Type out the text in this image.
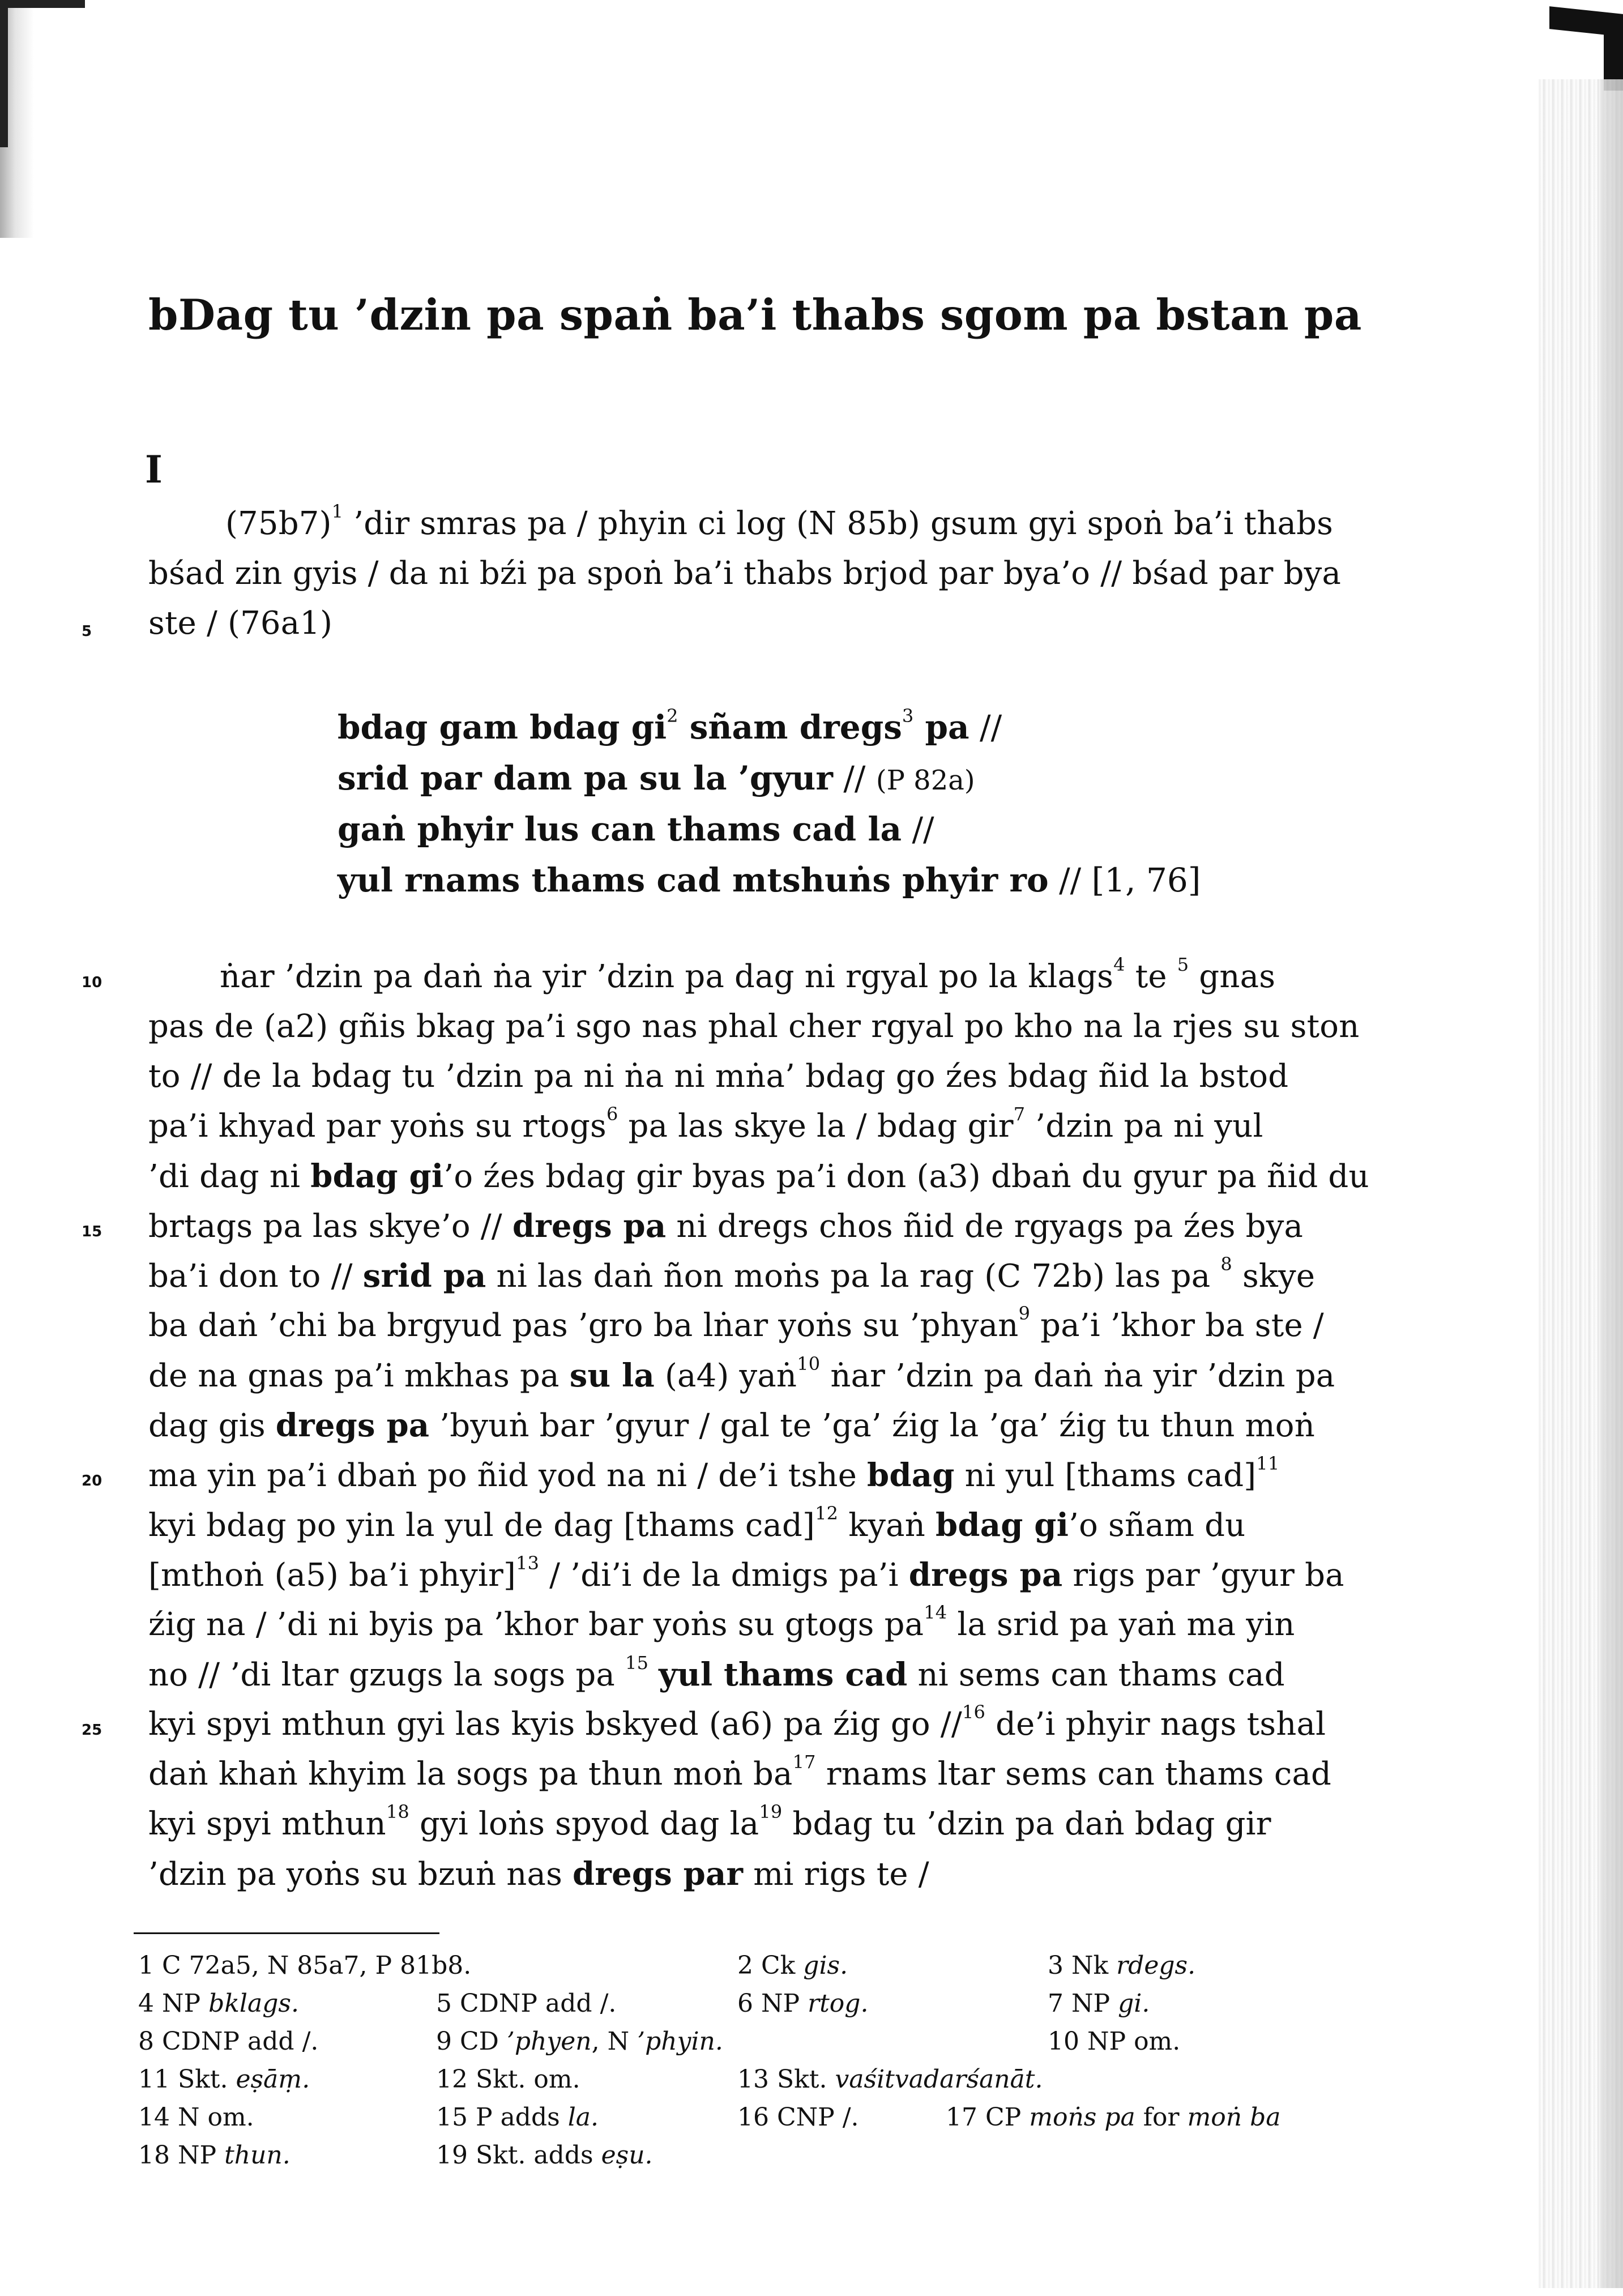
bDag tu ’dzin pa spaṅ ba’i thabs sgom pa bstan pa
I
$(75b7)^1$ ’dir smras pa / phyin ci log (N 85b) gsum gyi spoṅ ba’i thabs
bśad zin gyis / da ni bźi pa spoṅ ba’i thabs brjod par bya’o // bśad par bya
ste / (76a1)
5
bdag gam bdag $gi^2$ sñam dregs$^3$ pa //
srid par dam pa su la ’gyur // (P 82a)
gaṅ phyir lus can thams cad la //
yul rnams thams cad mtshuṅs phyir ro // [1, 76]
10	ṅar ’dzin pa daṅ ṅa yir ’dzin pa dag ni rgyal po la klags$^4$ te $^5$ gnas
pas de (a2) gñis bkag pa’i sgo nas phal cher rgyal po kho na la rjes su ston
to // de la bdag tu ’dzin pa ni ṅa ni mṅa’ bdag go źes bdag ñid la bstod
pa’i khyad par yoṅs su rtogs$^6$ pa las skye la / bdag gir$^7$ ’dzin pa ni yul
’di dag ni bdag gi’o źes bdag gir byas pa’i don (a3) dbaṅ du gyur pa ñid du
15 brtags pa las skye’o // dregs pa ni dregs chos ñid de rgyags pa źes bya
ba’i don to // srid pa ni las daṅ ñon moṅs pa la rag (C 72b) las pa $^8$ skye
ba daṅ ’chi ba brgyud pas ’gro ba lṅar yoṅs su ’phyan$^9$ pa’i ’khor ba ste /
de na gnas pa’i mkhas pa su la (a4) yaṅ$^{10}$ ṅar ’dzin pa daṅ ṅa yir ’dzin pa
dag gis dregs pa ’byuṅ bar ’gyur / gal te ’ga’ źig la ’ga’ źig tu thun moṅ
20 ma yin pa’i dbaṅ po ñid yod na ni / de’i tshe bdag ni yul [thams cad]$^{11}$
kyi bdag po yin la yul de dag [thams cad]$^{12}$ kyaṅ bdag gi’o sñam du
[mthoṅ (a5) ba’i phyir]$^{13}$ / ’di’i de la dmigs pa’i dregs pa rigs par ’gyur ba
źig na / ’di ni byis pa ’khor bar yoṅs su gtogs $pa^{14}$ la srid pa yaṅ ma yin
no // ’di ltar gzugs la sogs pa $^{15}$ yul thams cad ni sems can thams cad
25 kyi spyi mthun gyi las kyis bskyed (a6) pa źig go //$^{16}$ de’i phyir nags tshal
daṅ khaṅ khyim la sogs pa thun moṅ $ba^{17}$ rnams ltar sems can thams cad
kyi spyi mthun$^{18}$ gyi loṅs spyod dag $la^{19}$ bdag tu ’dzin pa daṅ bdag gir
’dzin pa yoṅs su bzuṅ nas dregs par mi rigs te /
1 C 72a5, N 85a7, P 81b8.	2 Ck gis.	3 Nk rdegs.
4 NP bklags.	5 CDNP add /.	6 NP rtog.	7 NP gi.
8 CDNP add /.	9 CD ’phyen, N ’phyin.	10 NP om.
11 Skt. eṣāṃ.	12 Skt. om.	13 Skt. vaśitvadarśanāt.
14 N om.	15 P adds la.	16 CNP /.	17 CP moṅs pa for moṅ ba
18 NP thun.	19 Skt. adds eṣu.
